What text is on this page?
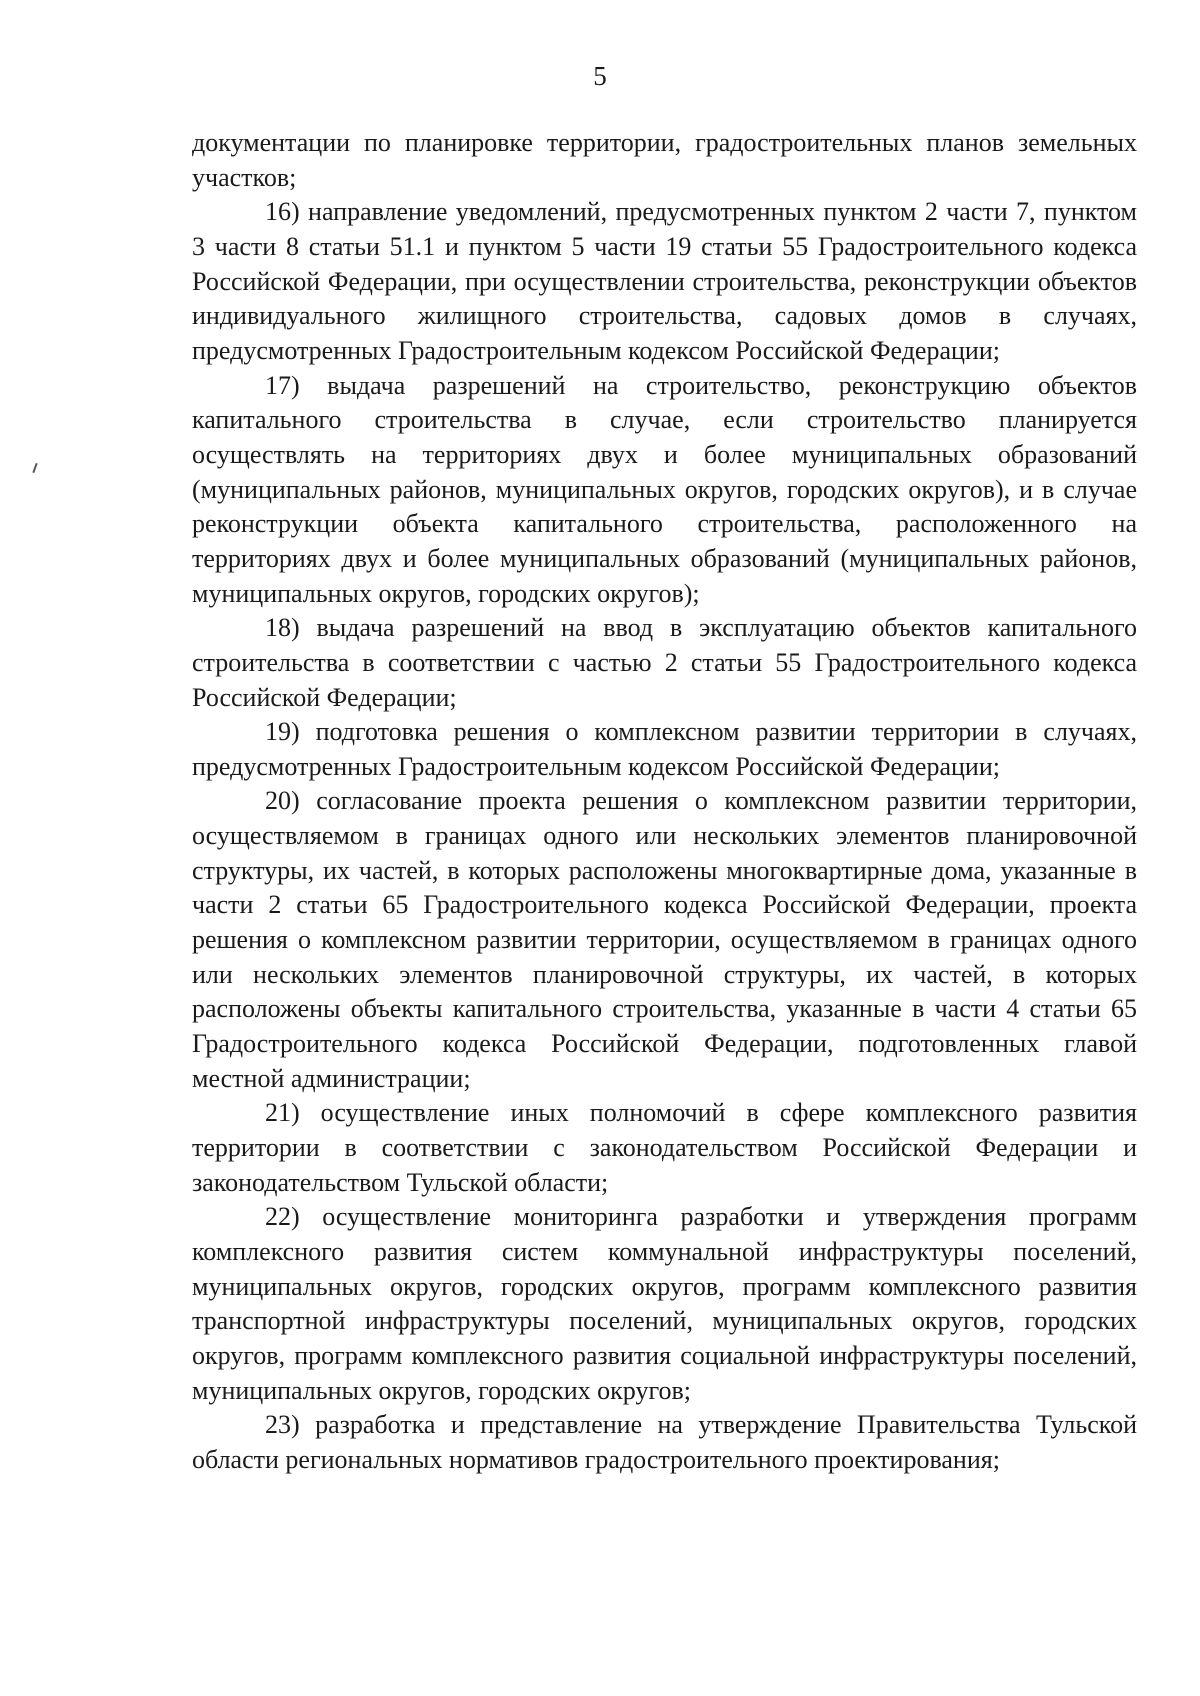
5

документации по планировке территории, градостроительных планов земельных участков;

16) направление уведомлений, предусмотренных пунктом 2 части 7, пунктом 3 части 8 статьи 51.1 и пунктом 5 части 19 статьи 55 Градостроительного кодекса Российской Федерации, при осуществлении строительства, реконструкции объектов индивидуального жилищного строительства, садовых домов в случаях, предусмотренных Градостроительным кодексом Российской Федерации;

17) выдача разрешений на строительство, реконструкцию объектов капитального строительства в случае, если строительство планируется осуществлять на территориях двух и более муниципальных образований (муниципальных районов, муниципальных округов, городских округов), и в случае реконструкции объекта капитального строительства, расположенного на территориях двух и более муниципальных образований (муниципальных районов, муниципальных округов, городских округов);

18) выдача разрешений на ввод в эксплуатацию объектов капитального строительства в соответствии с частью 2 статьи 55 Градостроительного кодекса Российской Федерации;

19) подготовка решения о комплексном развитии территории в случаях, предусмотренных Градостроительным кодексом Российской Федерации;

20) согласование проекта решения о комплексном развитии территории, осуществляемом в границах одного или нескольких элементов планировочной структуры, их частей, в которых расположены многоквартирные дома, указанные в части 2 статьи 65 Градостроительного кодекса Российской Федерации, проекта решения о комплексном развитии территории, осуществляемом в границах одного или нескольких элементов планировочной структуры, их частей, в которых расположены объекты капитального строительства, указанные в части 4 статьи 65 Градостроительного кодекса Российской Федерации, подготовленных главой местной администрации;

21) осуществление иных полномочий в сфере комплексного развития территории в соответствии с законодательством Российской Федерации и законодательством Тульской области;

22) осуществление мониторинга разработки и утверждения программ комплексного развития систем коммунальной инфраструктуры поселений, муниципальных округов, городских округов, программ комплексного развития транспортной инфраструктуры поселений, муниципальных округов, городских округов, программ комплексного развития социальной инфраструктуры поселений, муниципальных округов, городских округов;

23) разработка и представление на утверждение Правительства Тульской области региональных нормативов градостроительного проектирования;
